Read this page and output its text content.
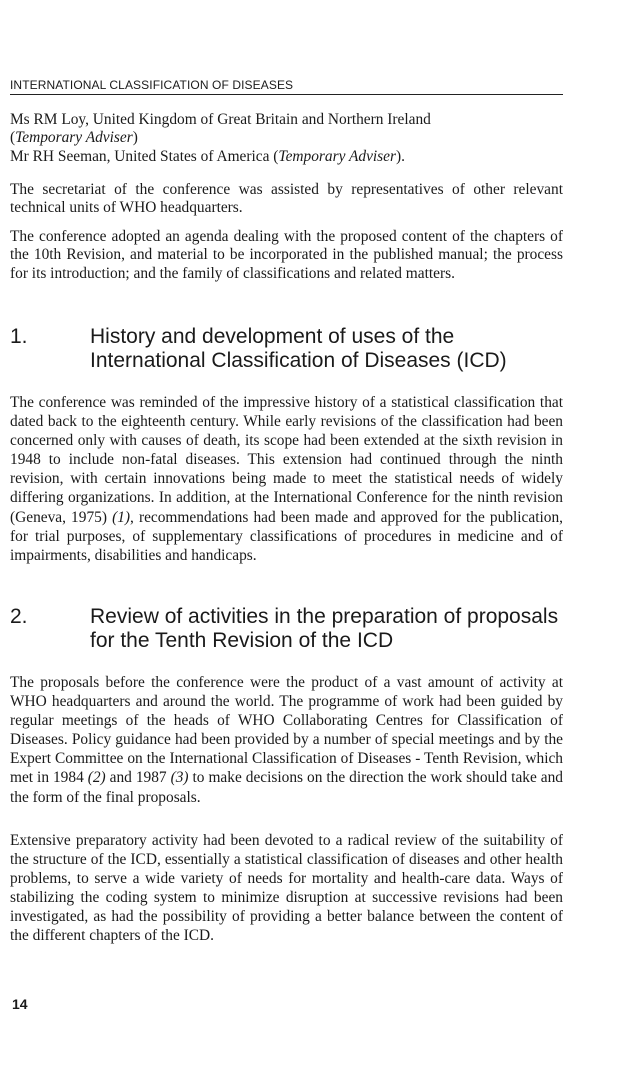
INTERNATIONAL CLASSIFICATION OF DISEASES

Ms RM Loy, United Kingdom of Great Britain and Northern Ireland
(Temporary Adviser)
Mr RH Seeman, United States of America (Temporary Adviser).

The secretariat of the conference was assisted by representatives of other relevant technical units of WHO headquarters.

The conference adopted an agenda dealing with the proposed content of the chapters of the 10th Revision, and material to be incorporated in the published manual; the process for its introduction; and the family of classifications and related matters.

1.	History and development of uses of the International Classification of Diseases (ICD)

The conference was reminded of the impressive history of a statistical classification that dated back to the eighteenth century. While early revisions of the classification had been concerned only with causes of death, its scope had been extended at the sixth revision in 1948 to include non-fatal diseases. This extension had continued through the ninth revision, with certain innovations being made to meet the statistical needs of widely differing organizations. In addition, at the International Conference for the ninth revision (Geneva, 1975) (1), recommendations had been made and approved for the publication, for trial purposes, of supplementary classifications of procedures in medicine and of impairments, disabilities and handicaps.

2.	Review of activities in the preparation of proposals for the Tenth Revision of the ICD

The proposals before the conference were the product of a vast amount of activity at WHO headquarters and around the world. The programme of work had been guided by regular meetings of the heads of WHO Collaborating Centres for Classification of Diseases. Policy guidance had been provided by a number of special meetings and by the Expert Committee on the International Classification of Diseases - Tenth Revision, which met in 1984 (2) and 1987 (3) to make decisions on the direction the work should take and the form of the final proposals.

Extensive preparatory activity had been devoted to a radical review of the suitability of the structure of the ICD, essentially a statistical classification of diseases and other health problems, to serve a wide variety of needs for mortality and health-care data. Ways of stabilizing the coding system to minimize disruption at successive revisions had been investigated, as had the possibility of providing a better balance between the content of the different chapters of the ICD.

14
